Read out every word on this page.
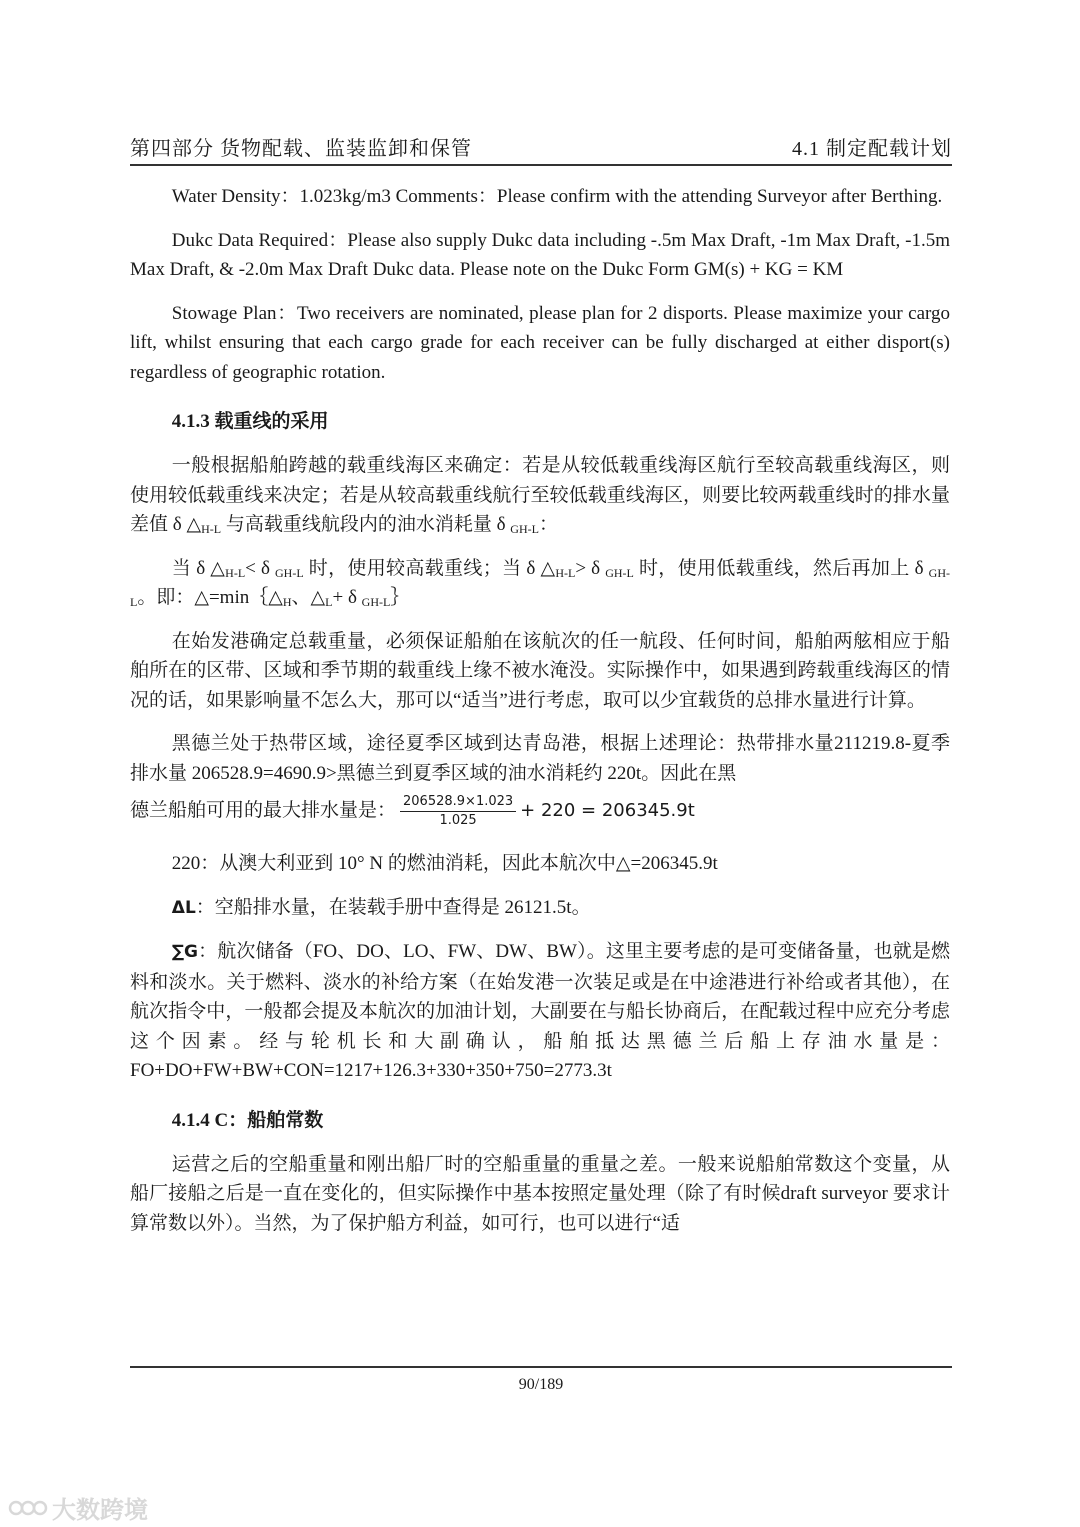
第四部分 货物配载、监装监卸和保管	4.1 制定配载计划

Water Density：1.023kg/m3 Comments：Please confirm with the attending Surveyor after Berthing.

Dukc Data Required：Please also supply Dukc data including -.5m Max Draft, -1m Max Draft, -1.5m Max Draft, & -2.0m Max Draft Dukc data. Please note on the Dukc Form GM(s) + KG = KM

Stowage Plan：Two receivers are nominated, please plan for 2 disports. Please maximize your cargo lift, whilst ensuring that each cargo grade for each receiver can be fully discharged at either disport(s) regardless of geographic rotation.

4.1.3 载重线的采用

一般根据船舶跨越的载重线海区来确定：若是从较低载重线海区航行至较高载重线海区，则使用较低载重线来决定；若是从较高载重线航行至较低载重线海区，则要比较两载重线时的排水量差值 δ $\triangle_{H-L}$ 与高载重线航段内的油水消耗量 δ $_{GH-L}$：

当 δ $\triangle_{H-L}< \delta$ $_{GH-L}$ 时，使用较高载重线；当 δ $\triangle_{H-L}> \delta$ $_{GH-L}$ 时，使用低载重线，然后再加上 δ $_{GH-L}$。即：$\triangle=\min\{\triangle_H$、$\triangle_L+ \delta$ $_{GH-L}$｝

在始发港确定总载重量，必须保证船舶在该航次的任一航段、任何时间，船舶两舷相应于船舶所在的区带、区域和季节期的载重线上缘不被水淹没。实际操作中，如果遇到跨载重线海区的情况的话，如果影响量不怎么大，那可以“适当”进行考虑，取可以少宜载货的总排水量进行计算。

黑德兰处于热带区域，途径夏季区域到达青岛港，根据上述理论：热带排水量211219.8-夏季排水量 206528.9=4690.9>黑德兰到夏季区域的油水消耗约 220t。因此在黑

德兰船舶可用的最大排水量是： $\frac{206528.9\times 1.023}{1.025} + 220 = 206345.9t$

220：从澳大利亚到 10° N 的燃油消耗，因此本航次中△=206345.9t

ΔL：空船排水量，在装载手册中查得是 26121.5t。

∑G：航次储备（FO、DO、LO、FW、DW、BW）。这里主要考虑的是可变储备量，也就是燃料和淡水。关于燃料、淡水的补给方案（在始发港一次装足或是在中途港进行补给或者其他），在航次指令中，一般都会提及本航次的加油计划，大副要在与船长协商后，在配载过程中应充分考虑这个因素。经与轮机长和大副确认，船舶抵达黑德兰后船上存油水量是：FO+DO+FW+BW+CON=1217+126.3+330+350+750=2773.3t

4.1.4 C：船舶常数

运营之后的空船重量和刚出船厂时的空船重量的重量之差。一般来说船舶常数这个变量，从船厂接船之后是一直在变化的，但实际操作中基本按照定量处理（除了有时候draft surveyor 要求计算常数以外）。当然，为了保护船方利益，如可行，也可以进行“适

90/189
大数跨境
